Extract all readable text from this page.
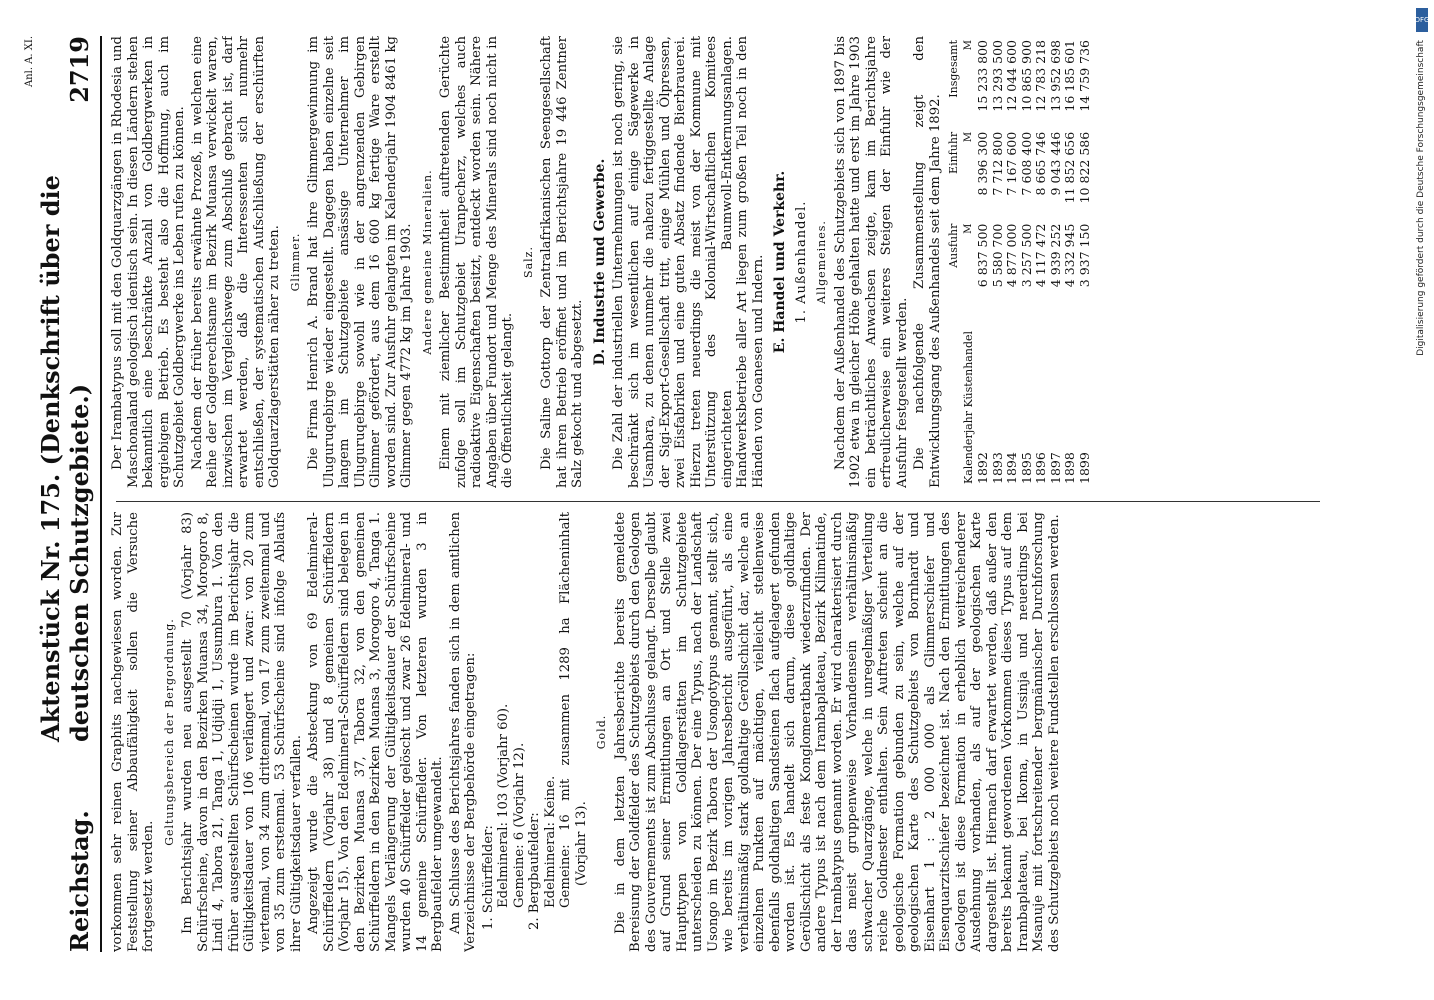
Reichstag.
Aktenstück Nr. 175. (Denkschrift über die deutschen Schutzgebiete.)
2719
Anl. A. XI.

vorkommen sehr reinen Graphits nachgewiesen worden. Zur Feststellung seiner Abbaufähigkeit sollen die Versuche fortgesetzt werden.

Geltungsbereich der Bergordnung. Im Berichtsjahr wurden neu ausgestellt 70 (Vorjahr 83) Schürfscheine, davon in den Bezirken Muansa 34, Morogoro 8, Lindi 4, Tabora 21, Tanga 1, Udjidji 1, Ussumbura 1. Von den früher ausgestellten Schürfscheinen wurde im Berichtsjahr die Gültigkeitsdauer von 106 verlängert und zwar: von 20 zum viertenmal, von 34 zum drittenmal, von 17 zum zweitenmal und von 35 zum erstenmal. 53 Schürfscheine sind infolge Ablaufs ihrer Gültigkeitsdauer verfallen. Angezeigt wurde die Absteckung von 69 Edelmineral-Schürffeldern (Vorjahr 38) und 8 gemeinen Schürffeldern (Vorjahr 15). Von den Edelmineral-Schürffeldern sind belegen in den Bezirken Muansa 37, Tabora 32, von den gemeinen Schürffeldern in den Bezirken Muansa 3, Morogoro 4, Tanga 1. Mangels Verlängerung der Gültigkeitsdauer der Schürfscheine wurden 40 Schürffelder gelöscht und zwar 26 Edelmineral- und 14 gemeine Schürffelder. Von letzteren wurden 3 in Bergbaufelder umgewandelt. Am Schlusse des Berichtsjahres fanden sich in dem amtlichen Verzeichnisse der Bergbehörde eingetragen: 1. Schürffelder: Edelmineral: 103 (Vorjahr 60). Gemeine: 6 (Vorjahr 12). 2. Bergbaufelder: Edelmineral: Keine. Gemeine: 16 mit zusammen 1289 ha Flächeninhalt (Vorjahr 13).
Gold. Die in dem letzten Jahresberichte bereits gemeldete Bereisung der Goldfelder des Schutzgebiets durch den Geologen des Gouvernements ist zum Abschlusse gelangt. Derselbe glaubt auf Grund seiner Ermittlungen an Ort und Stelle zwei Haupttypen von Goldlagerstätten im Schutzgebiete unterscheiden zu können. Der eine Typus, nach der Landschaft Usongo im Bezirk Tabora der Usongotypus genannt, stellt sich, wie bereits im vorigen Jahresbericht ausgeführt, als eine verhältnismäßig stark goldhaltige Geröllschicht dar, welche an einzelnen Punkten auf mächtigen, vielleicht stellenweise ebenfalls goldhaltigen Sandsteinen flach aufgelagert gefunden worden ist. Es handelt sich darum, diese goldhaltige Geröllschicht als feste Konglomeratbank wiederzufinden. Der andere Typus ist nach dem Irambaplateau, Bezirk Kilimatinde, der Irambatypus genannt worden. Er wird charakterisiert durch das meist gruppenweise Vorhandensein verhältnismäßig schwacher Quarzgänge, welche in unregelmäßiger Verteilung reiche Goldnester enthalten. Sein Auftreten scheint an die geologische Formation gebunden zu sein, welche auf der geologischen Karte des Schutzgebiets von Bornhardt und Eisenhart 1 : 2 000 000 als Glimmerschiefer und Eisenquarzitschiefer bezeichnet ist. Nach den Ermittlungen des Geologen ist diese Formation in erheblich weitreichenderer Ausdehnung vorhanden, als auf der geologischen Karte dargestellt ist. Hiernach darf erwartet werden, daß außer den bereits bekannt gewordenen Vorkommen dieses Typus auf dem Irambaplateau, bei Ikoma, in Ussinja und neuerdings bei Msanuje mit fortschreitender bergmännischer Durchforschung des Schutzgebiets noch weitere Fundstellen erschlossen werden.

Der Irambatypus soll mit den Goldquarzgängen in Rhodesia und Maschonaland geologisch identisch sein. In diesen Ländern stehen bekanntlich eine beschränkte Anzahl von Goldbergwerken in ergiebigem Betrieb. Es besteht also die Hoffnung, auch im Schutzgebiet Goldbergwerke ins Leben rufen zu können. Nachdem der früher bereits erwähnte Prozeß, in welchen eine Reihe der Goldgerechtsame im Bezirk Muansa verwickelt waren, inzwischen im Vergleichswege zum Abschluß gebracht ist, darf erwartet werden, daß die Interessenten sich nunmehr entschließen, der systematischen Aufschließung der erschürften Goldquarzlagerstätten näher zu treten. Glimmer. Die Firma Henrich A. Brand hat ihre Glimmergewinnung im Uluguruqebirge wieder eingestellt. Dagegen haben einzelne seit langem im Schutzgebiete ansässige Unternehmer im Uluguruqebirge sowohl wie in der angrenzenden Gebirgen Glimmer gefördert, aus dem 16 600 kg fertige Ware erstellt worden sind. Zur Ausfuhr gelangten im Kalenderjahr 1904 8461 kg Glimmer gegen 4772 kg im Jahre 1903. Andere gemeine Mineralien. Einem mit ziemlicher Bestimmtheit auftretenden Gerüchte zufolge soll im Schutzgebiet Uranpecherz, welches auch radioaktive Eigenschaften besitzt, entdeckt worden sein. Nähere Angaben über Fundort und Menge des Minerals sind noch nicht in die Öffentlichkeit gelangt.

Salz. Die Saline Gottorp der Zentralafrikanischen Seengesellschaft hat ihren Betrieb eröffnet und im Berichtsjahre 19 446 Zentner Salz gekocht und abgesetzt.

D. Industrie und Gewerbe. Die Zahl der industriellen Unternehmungen ist noch gering, sie beschränkt sich im wesentlichen auf einige Sägewerke in Usambara, zu denen nunmehr die nahezu fertiggestellte Anlage der Sigi-Export-Gesellschaft tritt, einige Mühlen und Ölpressen, zwei Eisfabriken und eine guten Absatz findende Bierbrauerei. Hierzu treten neuerdings die meist von der Kommune mit Unterstützung des Kolonial-Wirtschaftlichen Komitees eingerichteten Baumwoll-Entkernungsanlagen. Handwerksbetriebe aller Art liegen zum großen Teil noch in den Händen von Goanesen und Indern. E. Handel und Verkehr. 1. Außenhandel. Allgemeines. Nachdem der Außenhandel des Schutzgebiets sich von 1897 bis 1902 etwa in gleicher Höhe gehalten hatte und erst im Jahre 1903 ein beträchtliches Anwachsen zeigte, kam im Berichtsjahre erfreulicherweise ein weiteres Steigen der Einfuhr wie der Ausfuhr festgestellt werden. Die nachfolgende Zusammenstellung zeigt den Entwicklungsgang des Außenhandels seit dem Jahre 1892. Kalenderjahr Küstenhandel	Ausfuhr M	Einfuhr M	Insgesamt M

1892	6 837 500	8 396 300	15 233 800
1893	5 580 700	7 712 800	13 293 500
1894	4 877 000	7 167 600	12 044 600
1895	3 257 500	7 608 400	10 865 900
1896	4 117 472	8 665 746	12 783 218
1897	4 939 252	9 043 446	13 952 698
1898	4 332 945	11 852 656	16 185 601
1899	3 937 150	10 822 586	14 759 736
DFG
Digitalisierung gefördert durch die Deutsche Forschungsgemeinschaft
